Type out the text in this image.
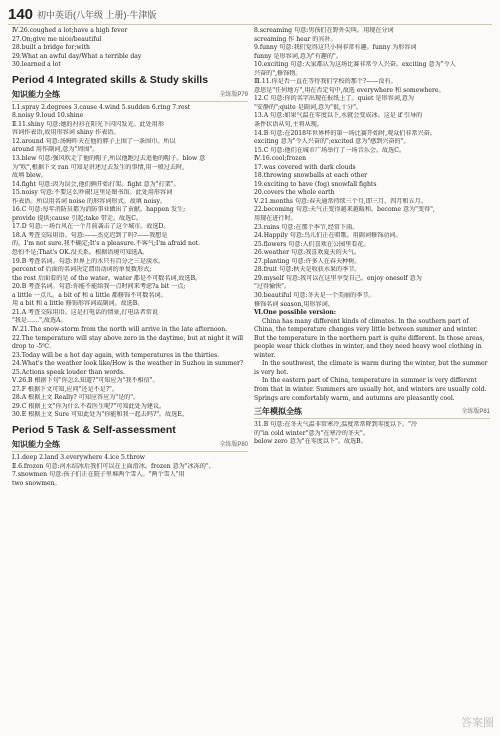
140 初中英语(八年级 上册)·牛津版
Ⅳ.26.coughed a lot;have a high fever
27.On;give me nice/beautiful
28.built a bridge for;with
29.What an awful day/What a terrible day
30.learned a lot
Period 4 Integrated skills & Study skills
知识能力全练	全练版P79
Ⅰ.1.spray 2.degrees 3.cause 4.wind 5.sudden 6.ring 7.rest
8.noisy 9.loud 10.shine
Ⅱ.11.shiny 句意:她的衬衫在阳光下闪闪发光。此处用形
容词作表语,故用形容词 shiny 作表语。
12.around 句意:汤姆昨天在他的脖子上围了一条围巾。所以
around 用作副词,意为"周围"。
13.blew 句意:强风吹走了他的帽子,所以他跑过去追他的帽子。blow 意
为"吹",根据下文 ran 可知是讲述过去发生的事情,用一般过去时,
故填 blew。
14.fight 句意:因为误会,他们俩开始打架。fight 意为"打架"。
15.noisy 句意:不要这么吵闹!这里是图书馆。此处用形容词
作表语。所以用名词 noise 的形容词形式。故填 noisy。
16.C 句意:每年消防员都为消防事业做出了贡献。happen 发生;
provide 提供;cause 引起;take 带走。故选C。
17.D 句意:一场台风在一个月前袭击了这个城市。故选D。
18.A 考查交际用语。句意:——杰克迟到了吗?——我想是
的。I'm not sure.我不确定;It's a pleasure.不客气;I'm afraid not.
恐怕不是;That's OK.没关系。根据语境可知选A。
19.B 考查名词。句意:世界上的水只有百分之三是淡水。
percent of 后面的名词决定谓语动词的单复数形式;
the rest 后面看的是 of the water。water 都是不可数名词,故选B。
20.B 考查名词。句意:你能不能给我一点时间来考虑?a bit 一点;
a little 一点儿。a bit of 和 a little 都修饰不可数名词。
用 a bit 和 a little 修饰形容词或副词。故选B。
21.A 考查交际用语。这是打电话的情景,打电话者常说
"我是……",故选A。
Ⅳ.21.The snow-storm from the north will arrive in the late afternoon.
22.The temperature will stay above zero in the daytime, but at night it will
drop to -5℃.
23.Today will be a hot day again, with temperatures in the thirties.
24.What's the weather look like/How is the weather in Suzhou in summer?
25.Actions speak louder than words.
Ⅴ.26.B 根据下句"你怎么知道?"可知应为"我不相信"。
27.F 根据下文可知,应问"还是不是?"。
28.A 根据上文 Really? 可知应答应为"是的"。
29.C 根据上文"你为什么不看医生呢?"可知此处为建议。
30.E 根据上文 Sure 可知此处为"你能和我一起去吗?"。故选E。
Period 5 Task & Self-assessment
知识能力全练	全练版P80
Ⅰ.1.deep 2.land 3.everywhere 4.ice 5.throw
Ⅱ.6.frozen 句意:河水结冰后我们可以在上面滑冰。frozen 意为"冰冻的"。
7.snowmen 句意:孩子们正在院子里堆两个雪人。"两个雪人"用
two snowmen。
8.screaming 句意:男孩们在野外尖叫。用现在分词
screaming 作 hear 的宾补。
9.funny 句意:我们觉得这只小狗非常有趣。funny 为形容词
funny 是形容词,意为"有趣的"。
10.exciting 句意:大家都认为这场比赛非常令人兴奋。exciting 意为"令人
兴奋的",修饰物。
Ⅲ.11.你是否一直在等待我们学校的那个?——没有。
意思是"任何地方",用在否定句中,故选 everywhere 和 somewhere。
12.C 句意:你的名字出现在报纸上了。quiet 是形容词,意为
"安静的";quite 是副词,意为"很,十分"。
13.A 句意:如果气温在零度以下,水就会变成冰。这是 if 引导的
条件状语从句,主将从现。
14.B 句意:在2018年世界杯的第一场比赛开始时,观众们非常兴奋。
exciting 意为"令人兴奋的";excited 意为"感到兴奋的"。
15.C 句意:他们在城市广场举行了一场音乐会。故选C。
Ⅳ.16.cool;frozen
17.was covered with dark clouds
18.throwing snowballs at each other
19.exciting to have (fog) snowfall fights
20.covers the whole earth
Ⅴ.21.months 句意:春天通常持续三个月,即三月、四月和五月。
22.becoming 句意:天气正变得越来越暖和。become 意为"变得",
用现在进行时。
23.rains 句意:在那个季节,经常下雨。
24.Happily 句意:鸟儿们正在唱歌。用副词修饰动词。
25.flowers 句意:人们喜欢在公园里看花。
26.weather 句意:我喜欢夏天的天气。
27.planting 句意:许多人在春天种树。
28.fruit 句意:秋天是收获水果的季节。
29.myself 句意:我可以在这里享受自己。enjoy oneself 意为
"过得愉快"。
30.beautiful 句意:冬天是一个美丽的季节。
修饰名词 season,用形容词。
Ⅵ.One possible version:
China has many different kinds of climates. In the southern part of China, the temperature changes very little between summer and winter. But the temperature in the northern part is quite different. In those areas, people wear thick clothes in winter, and they need heavy wool clothing in winter.
In the southwest, the climate is warm during the winter, but the summer is very hot.
In the eastern part of China, temperature in summer is very different from that in winter. Summers are usually hot, and winters are usually cold. Springs are comfortably warm, and autumns are pleasantly cool.
三年模拟全练	全练版P81
31.B 句意:在冬天气温非常寒冷,温度常常降到零度以下。"冷
的"in cold winter"意为"在寒冷的冬天"。
below zero 意为"在零度以下"。故选B。
答案圈
